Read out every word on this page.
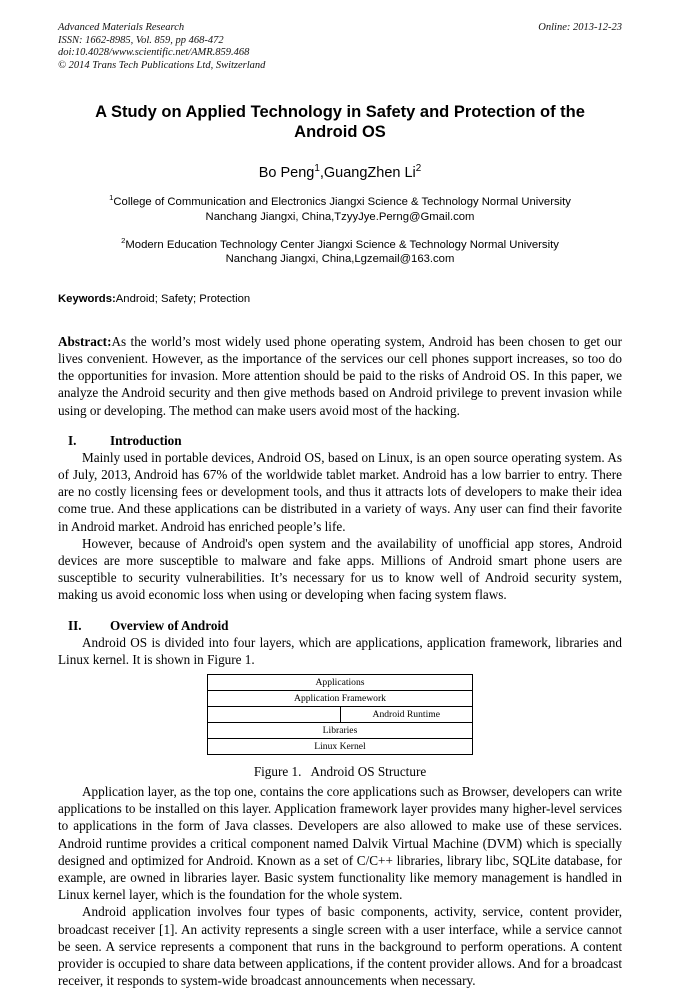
Advanced Materials Research
ISSN: 1662-8985, Vol. 859, pp 468-472
doi:10.4028/www.scientific.net/AMR.859.468
© 2014 Trans Tech Publications Ltd, Switzerland
Online: 2013-12-23
A Study on Applied Technology in Safety and Protection of the Android OS
Bo Peng$^1$,GuangZhen Li$^2$
$^1$College of Communication and Electronics Jiangxi Science & Technology Normal University
Nanchang Jiangxi, China,TzyyJye.Perng@Gmail.com
$^2$Modern Education Technology Center Jiangxi Science & Technology Normal University
Nanchang Jiangxi, China,Lgzemail@163.com
Keywords:Android; Safety; Protection
Abstract:As the world’s most widely used phone operating system, Android has been chosen to get our lives convenient. However, as the importance of the services our cell phones support increases, so too do the opportunities for invasion. More attention should be paid to the risks of Android OS. In this paper, we analyze the Android security and then give methods based on Android privilege to prevent invasion while using or developing. The method can make users avoid most of the hacking.
I.	Introduction

Mainly used in portable devices, Android OS, based on Linux, is an open source operating system. As of July, 2013, Android has 67% of the worldwide tablet market. Android has a low barrier to entry. There are no costly licensing fees or development tools, and thus it attracts lots of developers to make their idea come true. And these applications can be distributed in a variety of ways. Any user can find their favorite in Android market. Android has enriched people’s life.

However, because of Android's open system and the availability of unofficial app stores, Android devices are more susceptible to malware and fake apps. Millions of Android smart phone users are susceptible to security vulnerabilities. It’s necessary for us to know well of Android security system, making us avoid economic loss when using or developing when facing system flaws.

II. Overview of Android

Android OS is divided into four layers, which are applications, application framework, libraries and Linux kernel. It is shown in Figure 1.

Applications
Application Framework
	Android Runtime
Libraries
Linux Kernel
Figure 1. Android OS Structure

Application layer, as the top one, contains the core applications such as Browser, developers can write applications to be installed on this layer. Application framework layer provides many higher-level services to applications in the form of Java classes. Developers are also allowed to make use of these services. Android runtime provides a critical component named Dalvik Virtual Machine (DVM) which is specially designed and optimized for Android. Known as a set of C/C++ libraries, library libc, SQLite database, for example, are owned in libraries layer. Basic system functionality like memory management is handled in Linux kernel layer, which is the foundation for the whole system.

Android application involves four types of basic components, activity, service, content provider, broadcast receiver [1]. An activity represents a single screen with a user interface, while a service cannot be seen. A service represents a component that runs in the background to perform operations. A content provider is occupied to share data between applications, if the content provider allows. And for a broadcast receiver, it responds to system-wide broadcast announcements when necessary.
